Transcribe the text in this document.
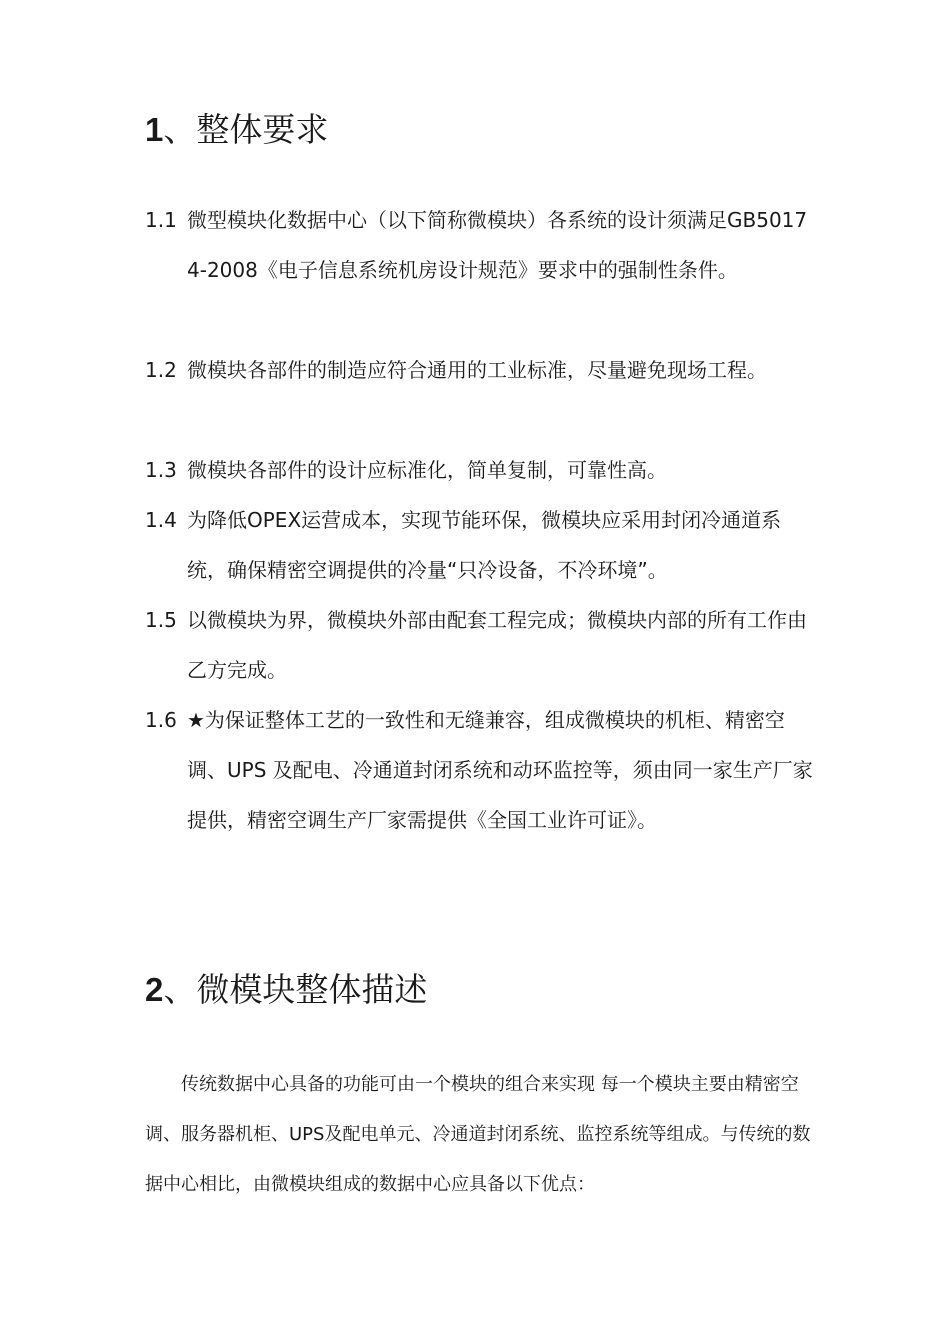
1、整体要求
1.1 微型模块化数据中心（以下简称微模块）各系统的设计须满足GB50174-2008《电子信息系统机房设计规范》要求中的强制性条件。
1.2 微模块各部件的制造应符合通用的工业标准，尽量避免现场工程。
1.3 微模块各部件的设计应标准化，简单复制，可靠性高。
1.4 为降低OPEX运营成本，实现节能环保，微模块应采用封闭冷通道系统，确保精密空调提供的冷量“只冷设备，不冷环境”。
1.5 以微模块为界，微模块外部由配套工程完成；微模块内部的所有工作由乙方完成。
1.6 ★为保证整体工艺的一致性和无缝兼容，组成微模块的机柜、精密空调、UPS 及配电、冷通道封闭系统和动环监控等，须由同一家生产厂家提供，精密空调生产厂家需提供《全国工业许可证》。
2、微模块整体描述

传统数据中心具备的功能可由一个模块的组合来实现 每一个模块主要由精密空调、服务器机柜、UPS及配电单元、冷通道封闭系统、监控系统等组成。与传统的数据中心相比，由微模块组成的数据中心应具备以下优点：
